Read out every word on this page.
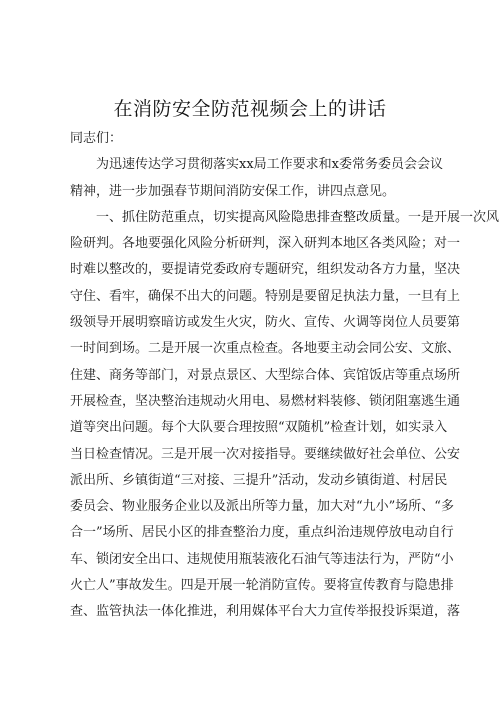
在消防安全防范视频会上的讲话
同志们：
为迅速传达学习贯彻落实xx局工作要求和x委常务委员会会议
精神，进一步加强春节期间消防安保工作，讲四点意见。
一、抓住防范重点，切实提高风险隐患排查整改质量。一是开展一次风
险研判。各地要强化风险分析研判，深入研判本地区各类风险；对一
时难以整改的，要提请党委政府专题研究，组织发动各方力量，坚决
守住、看牢，确保不出大的问题。特别是要留足执法力量，一旦有上
级领导开展明察暗访或发生火灾，防火、宣传、火调等岗位人员要第
一时间到场。二是开展一次重点检查。各地要主动会同公安、文旅、
住建、商务等部门，对景点景区、大型综合体、宾馆饭店等重点场所
开展检查，坚决整治违规动火用电、易燃材料装修、锁闭阻塞逃生通
道等突出问题。每个大队要合理按照“双随机”检查计划，如实录入
当日检查情况。三是开展一次对接指导。要继续做好社会单位、公安
派出所、乡镇街道“三对接、三提升”活动，发动乡镇街道、村居民
委员会、物业服务企业以及派出所等力量，加大对“九小”场所、“多
合一”场所、居民小区的排查整治力度，重点纠治违规停放电动自行
车、锁闭安全出口、违规使用瓶装液化石油气等违法行为，严防“小
火亡人”事故发生。四是开展一轮消防宣传。要将宣传教育与隐患排
查、监管执法一体化推进，利用媒体平台大力宣传举报投诉渠道，落
